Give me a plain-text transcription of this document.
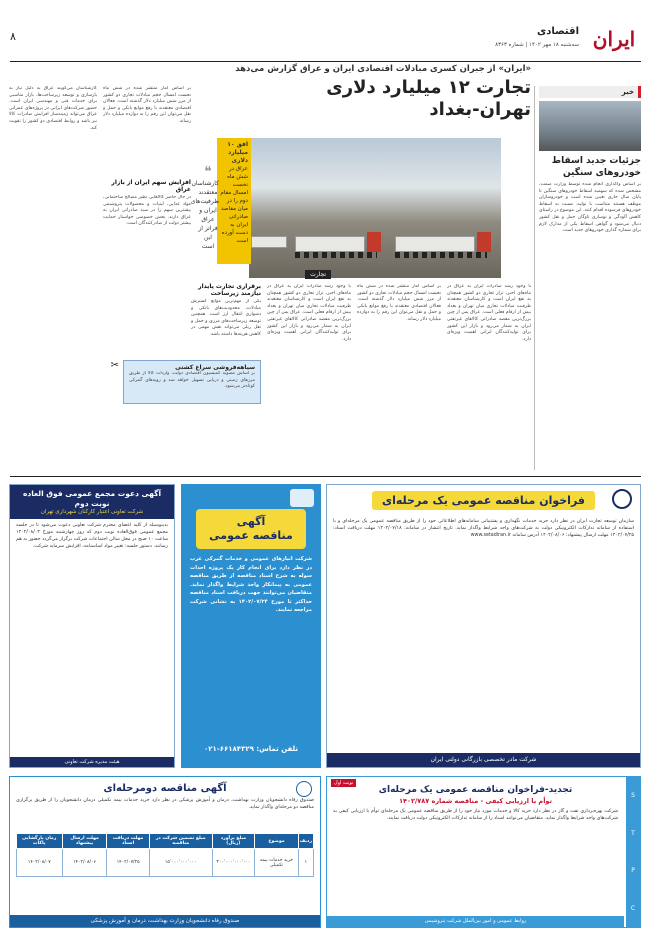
ایران
اقتصادی
سه‌شنبه ۱۸ مهر ۱۴۰۲ | شماره ۸۳۶۳
۸
«ایران» از جبران کسری مبادلات اقتصادی ایران و عراق گزارش می‌دهد
تجارت ۱۲ میلیارد دلاری
تهران-بغداد
افق ۱۰ میلیارد دلاری
عراق در شش ماه نخست امسال مقام دوم را در میان مقاصد صادراتی ایران به دست آورده است
تجارت
❝
کارشناسان معتقدند ظرفیت‌های ایران و عراق فراتر از این است
خبر
جزئیات جدید اسقاط خودروهای سنگین
بر اساس واگذاری انجام شده توسط وزارت صمت، مشخص شده که سهمیه اسقاط خودروهای سنگین تا پایان سال جاری تعیین شده است و خودروسازان موظف هستند متناسب با تولید، نسبت به اسقاط خودروهای فرسوده اقدام کنند. این موضوع در راستای کاهش آلودگی و نوسازی ناوگان حمل و نقل کشور دنبال می‌شود و گواهی اسقاط یکی از مدارک لازم برای شماره گذاری خودروهای جدید است.
با وجود رشد صادرات ایران به عراق در ماه‌های اخیر، تراز تجاری دو کشور همچنان به نفع ایران است و کارشناسان معتقدند ظرفیت مبادلات تجاری میان تهران و بغداد بیش از ارقام فعلی است. عراق پس از چین بزرگ‌ترین مقصد صادراتی کالاهای غیرنفتی ایران به شمار می‌رود و بازار این کشور برای تولیدکنندگان ایرانی اهمیت ویژه‌ای دارد.
بر اساس آمار منتشر شده در شش ماه نخست امسال حجم مبادلات تجاری دو کشور از مرز شش میلیارد دلار گذشته است. فعالان اقتصادی معتقدند با رفع موانع بانکی و حمل و نقل می‌توان این رقم را به دوازده میلیارد دلار رساند.
با وجود رشد صادرات ایران به عراق در ماه‌های اخیر، تراز تجاری دو کشور همچنان به نفع ایران است و کارشناسان معتقدند ظرفیت مبادلات تجاری میان تهران و بغداد بیش از ارقام فعلی است. عراق پس از چین بزرگ‌ترین مقصد صادراتی کالاهای غیرنفتی ایران به شمار می‌رود و بازار این کشور برای تولیدکنندگان ایرانی اهمیت ویژه‌ای دارد.
بر اساس آمار منتشر شده در شش ماه نخست امسال حجم مبادلات تجاری دو کشور از مرز شش میلیارد دلار گذشته است. فعالان اقتصادی معتقدند با رفع موانع بانکی و حمل و نقل می‌توان این رقم را به دوازده میلیارد دلار رساند.
افزایش سهم ایران از بازار عراق
در حال حاضر کالاهایی نظیر مصالح ساختمانی، مواد غذایی، لبنیات و محصولات پتروشیمی بیشترین سهم را در سبد صادراتی ایران به عراق دارند. بخش خصوصی خواستار حمایت بیشتر دولت از صادرکنندگان است.
کارشناسان می‌گویند عراق به دلیل نیاز به بازسازی و توسعه زیرساخت‌ها، بازار مناسبی برای خدمات فنی و مهندسی ایران است. حضور شرکت‌های ایرانی در پروژه‌های عمرانی عراق می‌تواند زمینه‌ساز افزایش صادرات کالا نیز باشد و روابط اقتصادی دو کشور را تقویت کند.
برقراری تجارت پایدار نیازمند زیرساخت
یکی از مهم‌ترین موانع گسترش مبادلات، محدودیت‌های بانکی و دشواری انتقال ارز است. همچنین توسعه زیرساخت‌های مرزی و حمل و نقل ریلی می‌تواند نقش مهمی در کاهش هزینه‌ها داشته باشد.
سیاهه‌فروشی سراغ کشتی
بر اساس مصوبه کمیسیون اقتصادی دولت، واردات کالا از طریق مرزهای زمینی و دریایی تسهیل خواهد شد و رویه‌های گمرکی کوتاه‌تر می‌شود.
✂
فراخوان مناقصه عمومی یک مرحله‌ای
سازمان توسعه تجارت ایران در نظر دارد خرید خدمات نگهداری و پشتیبانی سامانه‌های اطلاعاتی خود را از طریق مناقصه عمومی یک مرحله‌ای و با استفاده از سامانه تدارکات الکترونیکی دولت به شرکت‌های واجد شرایط واگذار نماید. تاریخ انتشار در سامانه: ۱۴۰۲/۰۷/۱۸ مهلت دریافت اسناد: ۱۴۰۲/۰۷/۲۵ مهلت ارسال پیشنهاد: ۱۴۰۲/۰۸/۰۶ آدرس سامانه www.setadiran.ir
شرکت مادر تخصصی بازرگانی دولتی ایران
آگهی
مناقصه عمومی
شرکت انبارهای عمومی و خدمات گمرکی غرب در نظر دارد برای انجام کار یک پروژه احداث سوله به شرح اسناد مناقصه از طریق مناقصه عمومی به پیمانکار واجد شرایط واگذار نماید. متقاضیان می‌توانند جهت دریافت اسناد مناقصه حداکثر تا مورخ ۱۴۰۲/۰۷/۲۴ به نشانی شرکت مراجعه نمایند.
تلفن تماس: ۶۶۱۸۴۳۲۹-۰۲۱
آگهی دعوت مجمع عمومی فوق العاده نوبت دوم
شرکت تعاونی اعتبار کارکنان شهرداری تهران
بدینوسیله از کلیه اعضای محترم شرکت تعاونی دعوت می‌شود تا در جلسه مجمع عمومی فوق‌العاده نوبت دوم که روز چهارشنبه مورخ ۱۴۰۲/۰۸/۰۳ ساعت ۱۰ صبح در محل سالن اجتماعات شرکت برگزار می‌گردد حضور به هم رسانند. دستور جلسه: تغییر مواد اساسنامه، افزایش سرمایه شرکت.
هیئت مدیره شرکت تعاونی
S
T
P
C
نوبت اول
تجدید-فراخوان مناقصه عمومی یک مرحله‌ای
توأم با ارزیابی کیفی - مناقصه شماره ۱۴۰۲/۷۸۷
شرکت بهره‌برداری نفت و گاز در نظر دارد خرید کالا و خدمات مورد نیاز خود را از طریق مناقصه عمومی یک مرحله‌ای توأم با ارزیابی کیفی به شرکت‌های واجد شرایط واگذار نماید. متقاضیان می‌توانند اسناد را از سامانه تدارکات الکترونیکی دولت دریافت نمایند.
روابط عمومی و امور بین‌الملل شرکت پتروشیمی
آگهی مناقصه دومرحله‌ای
صندوق رفاه دانشجویان وزارت بهداشت، درمان و آموزش پزشکی در نظر دارد خرید خدمات بیمه تکمیلی درمان دانشجویان را از طریق برگزاری مناقصه دو مرحله‌ای واگذار نماید.
ردیف	موضوع	مبلغ برآورد (ریال)	مبلغ تضمین شرکت در مناقصه	مهلت دریافت اسناد	مهلت ارسال پیشنهاد	زمان بازگشایی پاکات
۱	خرید خدمات بیمه تکمیلی	۳۰۰٬۰۰۰٬۰۰۰٬۰۰۰	۱۵٬۰۰۰٬۰۰۰٬۰۰۰	۱۴۰۲/۰۷/۲۵	۱۴۰۲/۰۸/۰۶	۱۴۰۲/۰۸/۰۷
صندوق رفاه دانشجویان وزارت بهداشت، درمان و آموزش پزشکی
